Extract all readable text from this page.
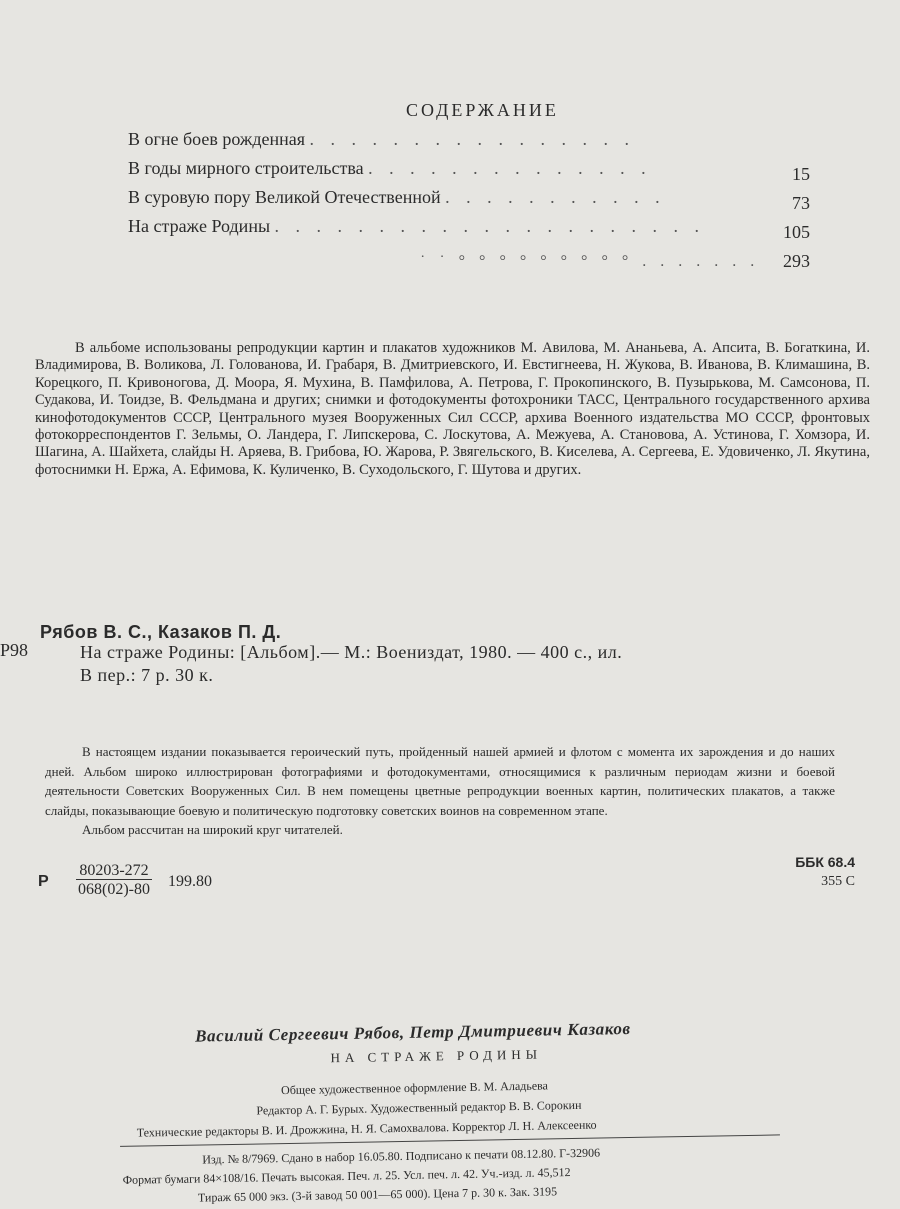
СОДЕРЖАНИЕ
В огне боев рожденная . . . . . . . . . . . . . . . .
В годы мирного строительства . . . . . . . . . . . . . .
В суровую пору Великой Отечественной . . . . . . . . . . .
На стражe Родины . . . . . . . . . . . . . . . . . . . . .
15
73
105
293
˙ ˙ ° ° ° ° ° ° ° ° ° . . . . . . .
В альбоме использованы репродукции картин и плакатов художников М. Авилова, М. Ананьева, А. Апсита, В. Богаткина, И. Владимирова, В. Воликова, Л. Голованова, И. Грабаря, В. Дмитриевского, И. Евстигнеева, Н. Жукова, В. Иванова, В. Климашина, В. Корецкого, П. Кривоногова, Д. Моора, Я. Мухина, В. Памфилова, А. Петрова, Г. Прокопинского, В. Пузырькова, М. Самсонова, П. Судакова, И. Тоидзе, В. Фельдмана и других; снимки и фотодокументы фотохроники ТАСС, Центрального государственного архива кинофотодокументов СССР, Центрального музея Вооруженных Сил СССР, архива Военного издательства МО СССР, фронтовых фотокорреспондентов Г. Зельмы, О. Ландера, Г. Липскерова, С. Лоскутова, А. Межуева, А. Становова, А. Устинова, Г. Хомзора, И. Шагина, А. Шайхета, слайды Н. Аряева, В. Грибова, Ю. Жарова, Р. Звягельского, В. Киселева, А. Сергеева, Е. Удовиченко, Л. Якутина, фотоснимки Н. Ержа, А. Ефимова, К. Куличенко, В. Суходольского, Г. Шутова и других.
Рябов В. С., Казаков П. Д.
Р98	На страже Родины: [Альбом].— М.: Воениздат, 1980. — 400 с., ил.
В пер.: 7 р. 30 к.

В настоящем издании показывается героический путь, пройденный нашей армией и флотом с момента их зарождения и до наших дней. Альбом широко иллюстрирован фотографиями и фотодокументами, относящимися к различным периодам жизни и боевой деятельности Советских Вооруженных Сил. В нем помещены цветные репродукции военных картин, политических плакатов, а также слайды, показывающие боевую и политическую подготовку советских воинов на современном этапе.

Альбом рассчитан на широкий круг читателей.

ББК 68.4
355 С
Р
80203-272
068(02)-80	199.80
Василий Сергеевич Рябов, Петр Дмитриевич Казаков
НА СТРАЖЕ РОДИНЫ
Общее художественное оформление В. М. Аладьева
Редактор А. Г. Бурых. Художественный редактор В. В. Сорокин
Технические редакторы В. И. Дрожжина, Н. Я. Самохвалова. Корректор Л. Н. Алексеенко
Изд. № 8/7969. Сдано в набор 16.05.80. Подписано к печати 08.12.80. Г-32906
Формат бумаги 84×108/16. Печать высокая. Печ. л. 25. Усл. печ. л. 42. Уч.-изд. л. 45,512
Тираж 65 000 экз. (3-й завод 50 001—65 000). Цена 7 р. 30 к. Зак. 3195
